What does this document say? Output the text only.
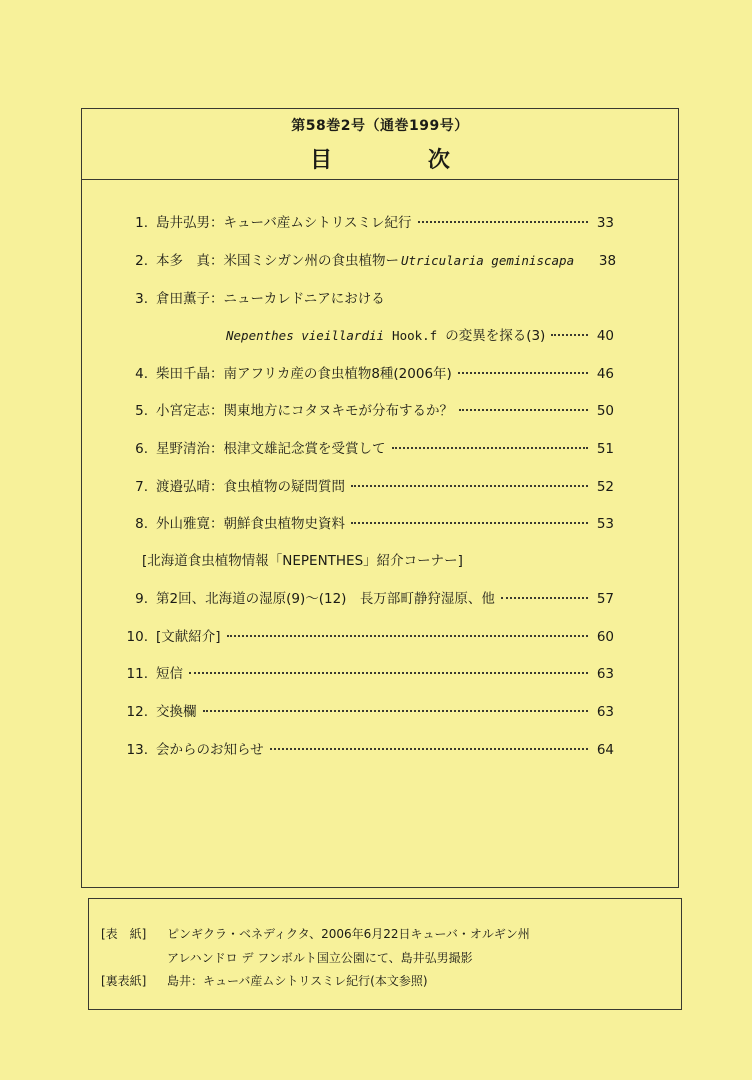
第58巻2号（通巻199号）
目 次
1. 島井弘男：キューバ産ムシトリスミレ紀行	33
2. 本多　真：米国ミシガン州の食虫植物ー Utricularia geminiscapa 38
3. 倉田薫子：ニューカレドニアにおける
Nepenthes vieillardii Hook.f の変異を探る(3)	40
4. 柴田千晶：南アフリカ産の食虫植物8種(2006年)	46
5. 小宮定志：関東地方にコタヌキモが分布するか？	50
6. 星野清治：根津文雄記念賞を受賞して	51
7. 渡邉弘晴：食虫植物の疑問質問	52
8. 外山雅寛：朝鮮食虫植物史資料	53
[北海道食虫植物情報「NEPENTHES」紹介コーナー]
9. 第2回、北海道の湿原(9)～(12)　長万部町静狩湿原、他	57
10. [文献紹介]	60
11. 短信	63
12. 交換欄	63
13. 会からのお知らせ	64
[表　紙] ピンギクラ・ベネディクタ、2006年6月22日キューバ・オルギン州
アレハンドロ デ フンボルト国立公園にて、島井弘男撮影
[裏表紙] 島井：キューバ産ムシトリスミレ紀行(本文参照)
